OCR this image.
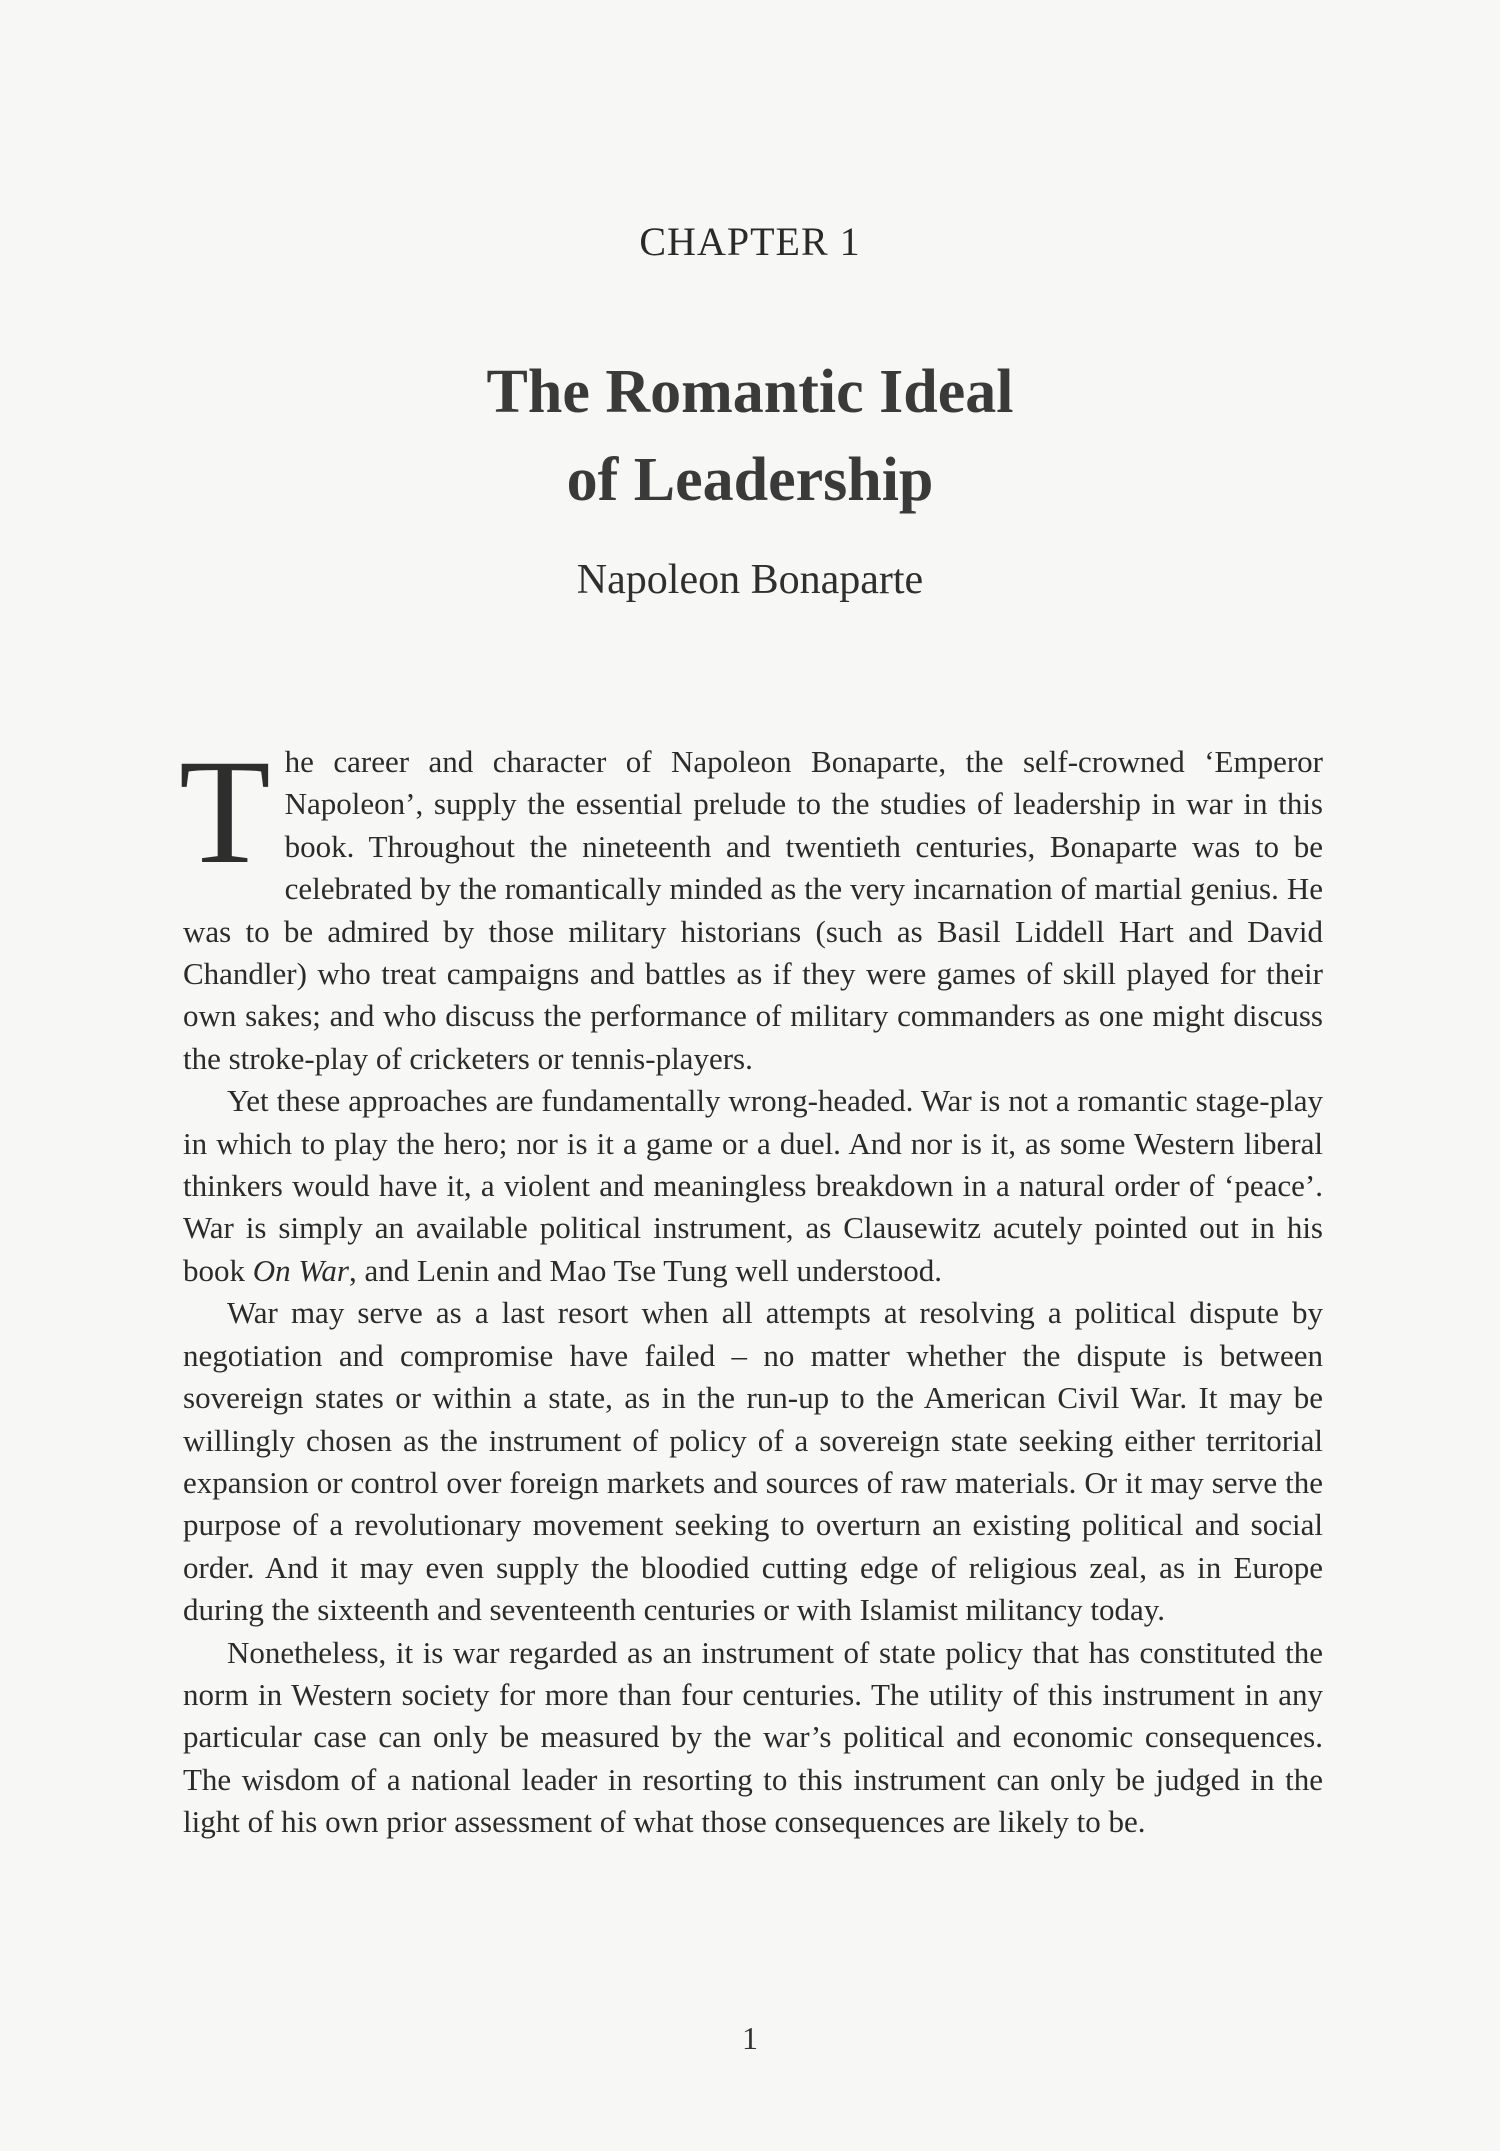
CHAPTER 1
The Romantic Ideal
of Leadership
Napoleon Bonaparte

The career and character of Napoleon Bonaparte, the self-crowned ‘Emperor Napoleon’, supply the essential prelude to the studies of leadership in war in this book. Throughout the nineteenth and twentieth centuries, Bonaparte was to be celebrated by the romantically minded as the very incarnation of martial genius. He was to be admired by those military historians (such as Basil Liddell Hart and David Chandler) who treat campaigns and battles as if they were games of skill played for their own sakes; and who discuss the performance of military commanders as one might discuss the stroke-play of cricketers or tennis-players.

Yet these approaches are fundamentally wrong-headed. War is not a romantic stage-play in which to play the hero; nor is it a game or a duel. And nor is it, as some Western liberal thinkers would have it, a violent and meaningless breakdown in a natural order of ‘peace’. War is simply an available political instrument, as Clausewitz acutely pointed out in his book On War, and Lenin and Mao Tse Tung well understood.

War may serve as a last resort when all attempts at resolving a political dispute by negotiation and compromise have failed – no matter whether the dispute is between sovereign states or within a state, as in the run-up to the American Civil War. It may be willingly chosen as the instrument of policy of a sovereign state seeking either territorial expansion or control over foreign markets and sources of raw materials. Or it may serve the purpose of a revolutionary movement seeking to overturn an existing political and social order. And it may even supply the bloodied cutting edge of religious zeal, as in Europe during the sixteenth and seventeenth centuries or with Islamist militancy today.

Nonetheless, it is war regarded as an instrument of state policy that has constituted the norm in Western society for more than four centuries. The utility of this instrument in any particular case can only be measured by the war’s political and economic consequences. The wisdom of a national leader in resorting to this instrument can only be judged in the light of his own prior assessment of what those consequences are likely to be.

1
